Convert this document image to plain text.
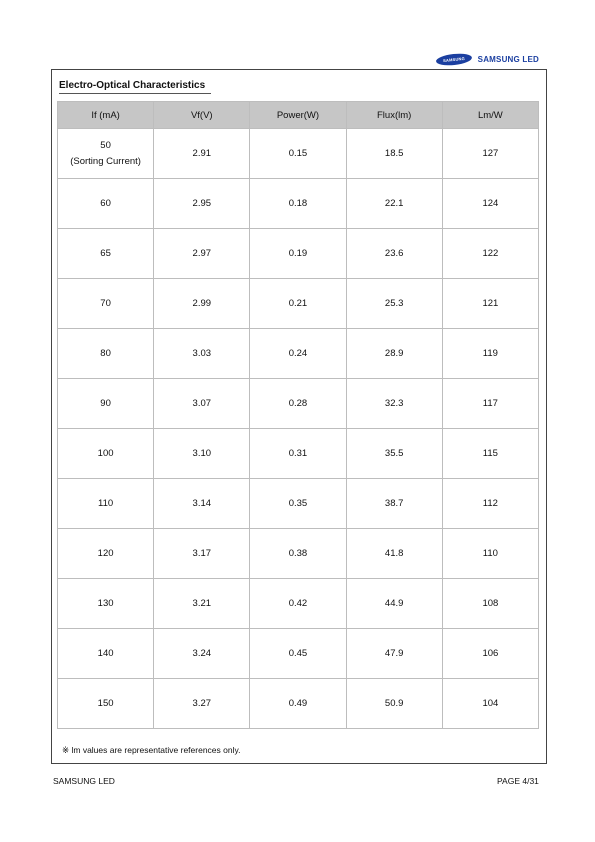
SAMSUNG SAMSUNG LED
Electro-Optical Characteristics
If (mA)	Vf(V)	Power(W)	Flux(lm)	Lm/W

50
(Sorting Current)	2.91	0.15	18.5	127
60	2.95	0.18	22.1	124
65	2.97	0.19	23.6	122
70	2.99	0.21	25.3	121
80	3.03	0.24	28.9	119
90	3.07	0.28	32.3	117
100	3.10	0.31	35.5	115
110	3.14	0.35	38.7	112
120	3.17	0.38	41.8	110
130	3.21	0.42	44.9	108
140	3.24	0.45	47.9	106
150	3.27	0.49	50.9	104
※ lm values are representative references only.
SAMSUNG LED	PAGE 4/31
